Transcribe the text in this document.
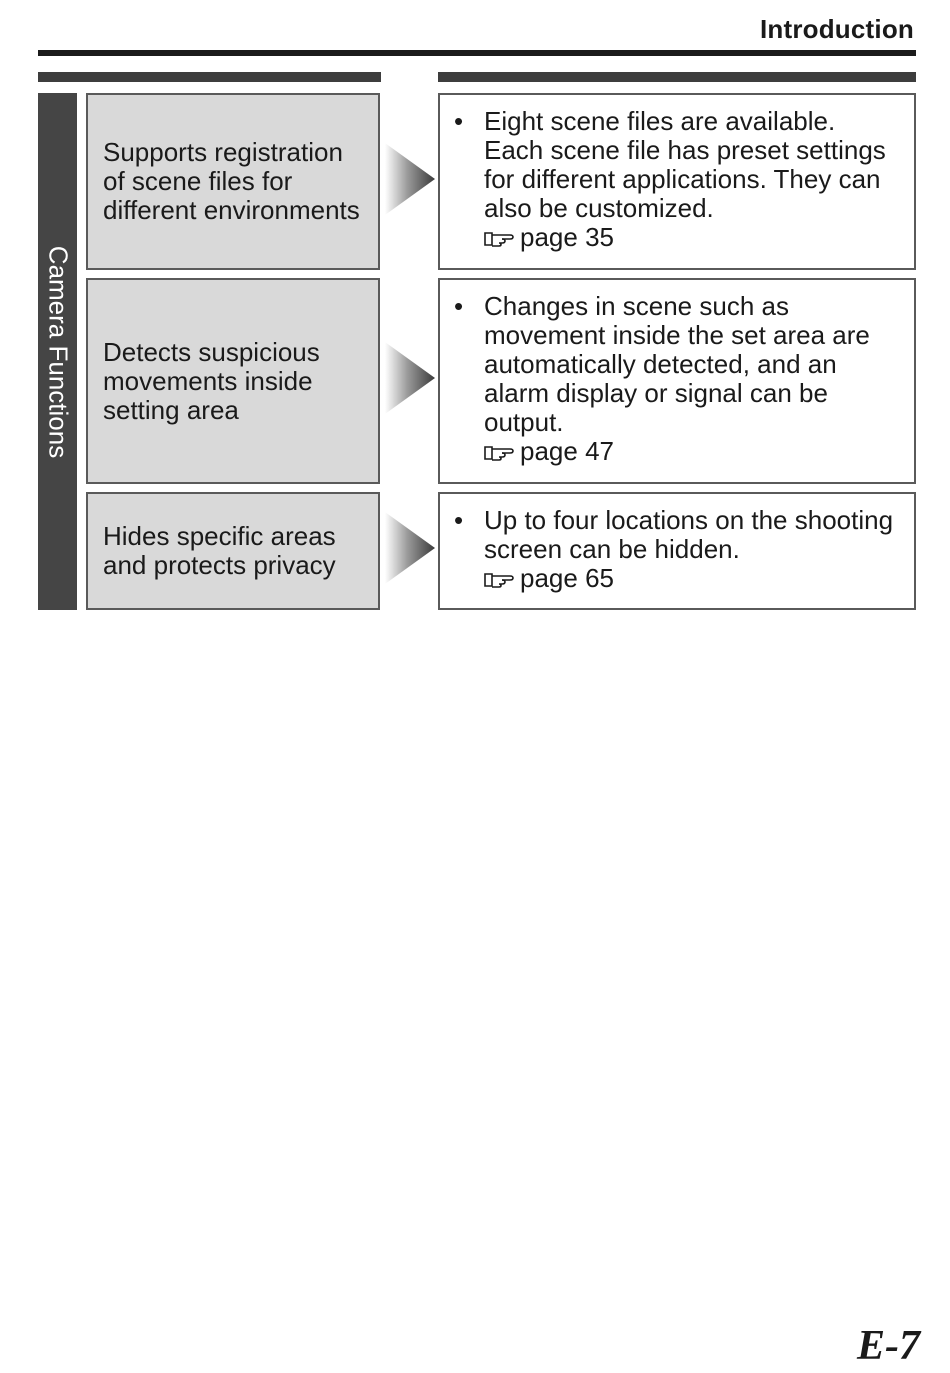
Introduction
Camera Functions
Supports registration of scene files for different environments
• Eight scene files are available. Each scene file has preset settings for different applications. They can also be customized.
page 35
Detects suspicious movements inside setting area
• Changes in scene such as movement inside the set area are automatically detected, and an alarm display or signal can be output.
page 47
Hides specific areas and protects privacy
• Up to four locations on the shooting screen can be hidden.
page 65
E-7
